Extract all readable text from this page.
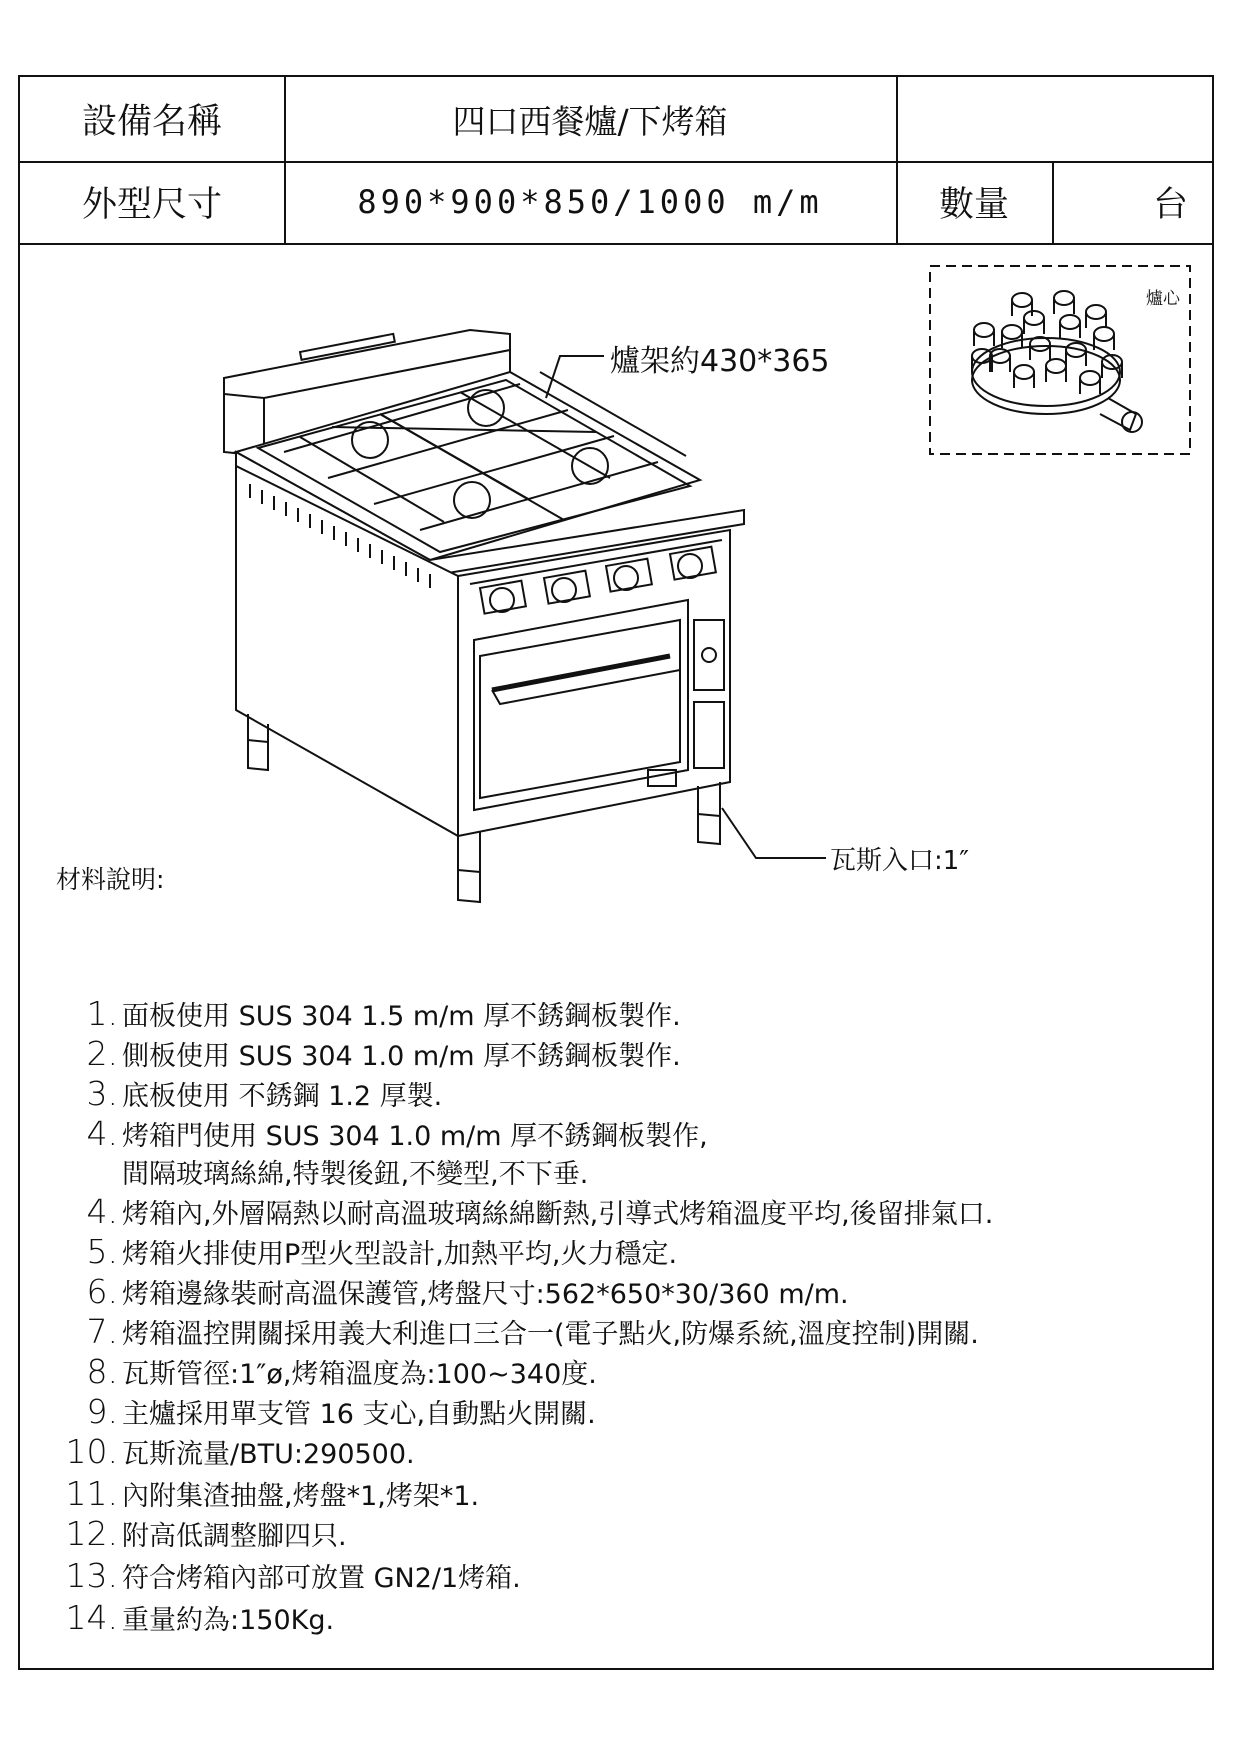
設備名稱	四口西餐爐/下烤箱
外型尺寸	890*900*850/1000 m/m	數量	台
爐架約430*365
瓦斯入口:1″
爐心
材料說明:
1. 面板使用 SUS 304 1.5 m/m 厚不銹鋼板製作.
2. 側板使用 SUS 304 1.0 m/m 厚不銹鋼板製作.
3. 底板使用 不銹鋼 1.2 厚製.
4. 烤箱門使用 SUS 304 1.0 m/m 厚不銹鋼板製作,
間隔玻璃絲綿,特製後鈕,不變型,不下垂.
4. 烤箱內,外層隔熱以耐高溫玻璃絲綿斷熱,引導式烤箱溫度平均,後留排氣口.
5. 烤箱火排使用P型火型設計,加熱平均,火力穩定.
6. 烤箱邊緣裝耐高溫保護管,烤盤尺寸:562*650*30/360 m/m.
7. 烤箱溫控開關採用義大利進口三合一(電子點火,防爆系統,溫度控制)開關.
8. 瓦斯管徑:1″ø,烤箱溫度為:100~340度.
9. 主爐採用單支管 16 支心,自動點火開關.
10. 瓦斯流量/BTU:290500.
11. 內附集渣抽盤,烤盤*1,烤架*1.
12. 附高低調整腳四只.
13. 符合烤箱內部可放置 GN2/1烤箱.
14. 重量約為:150Kg.
